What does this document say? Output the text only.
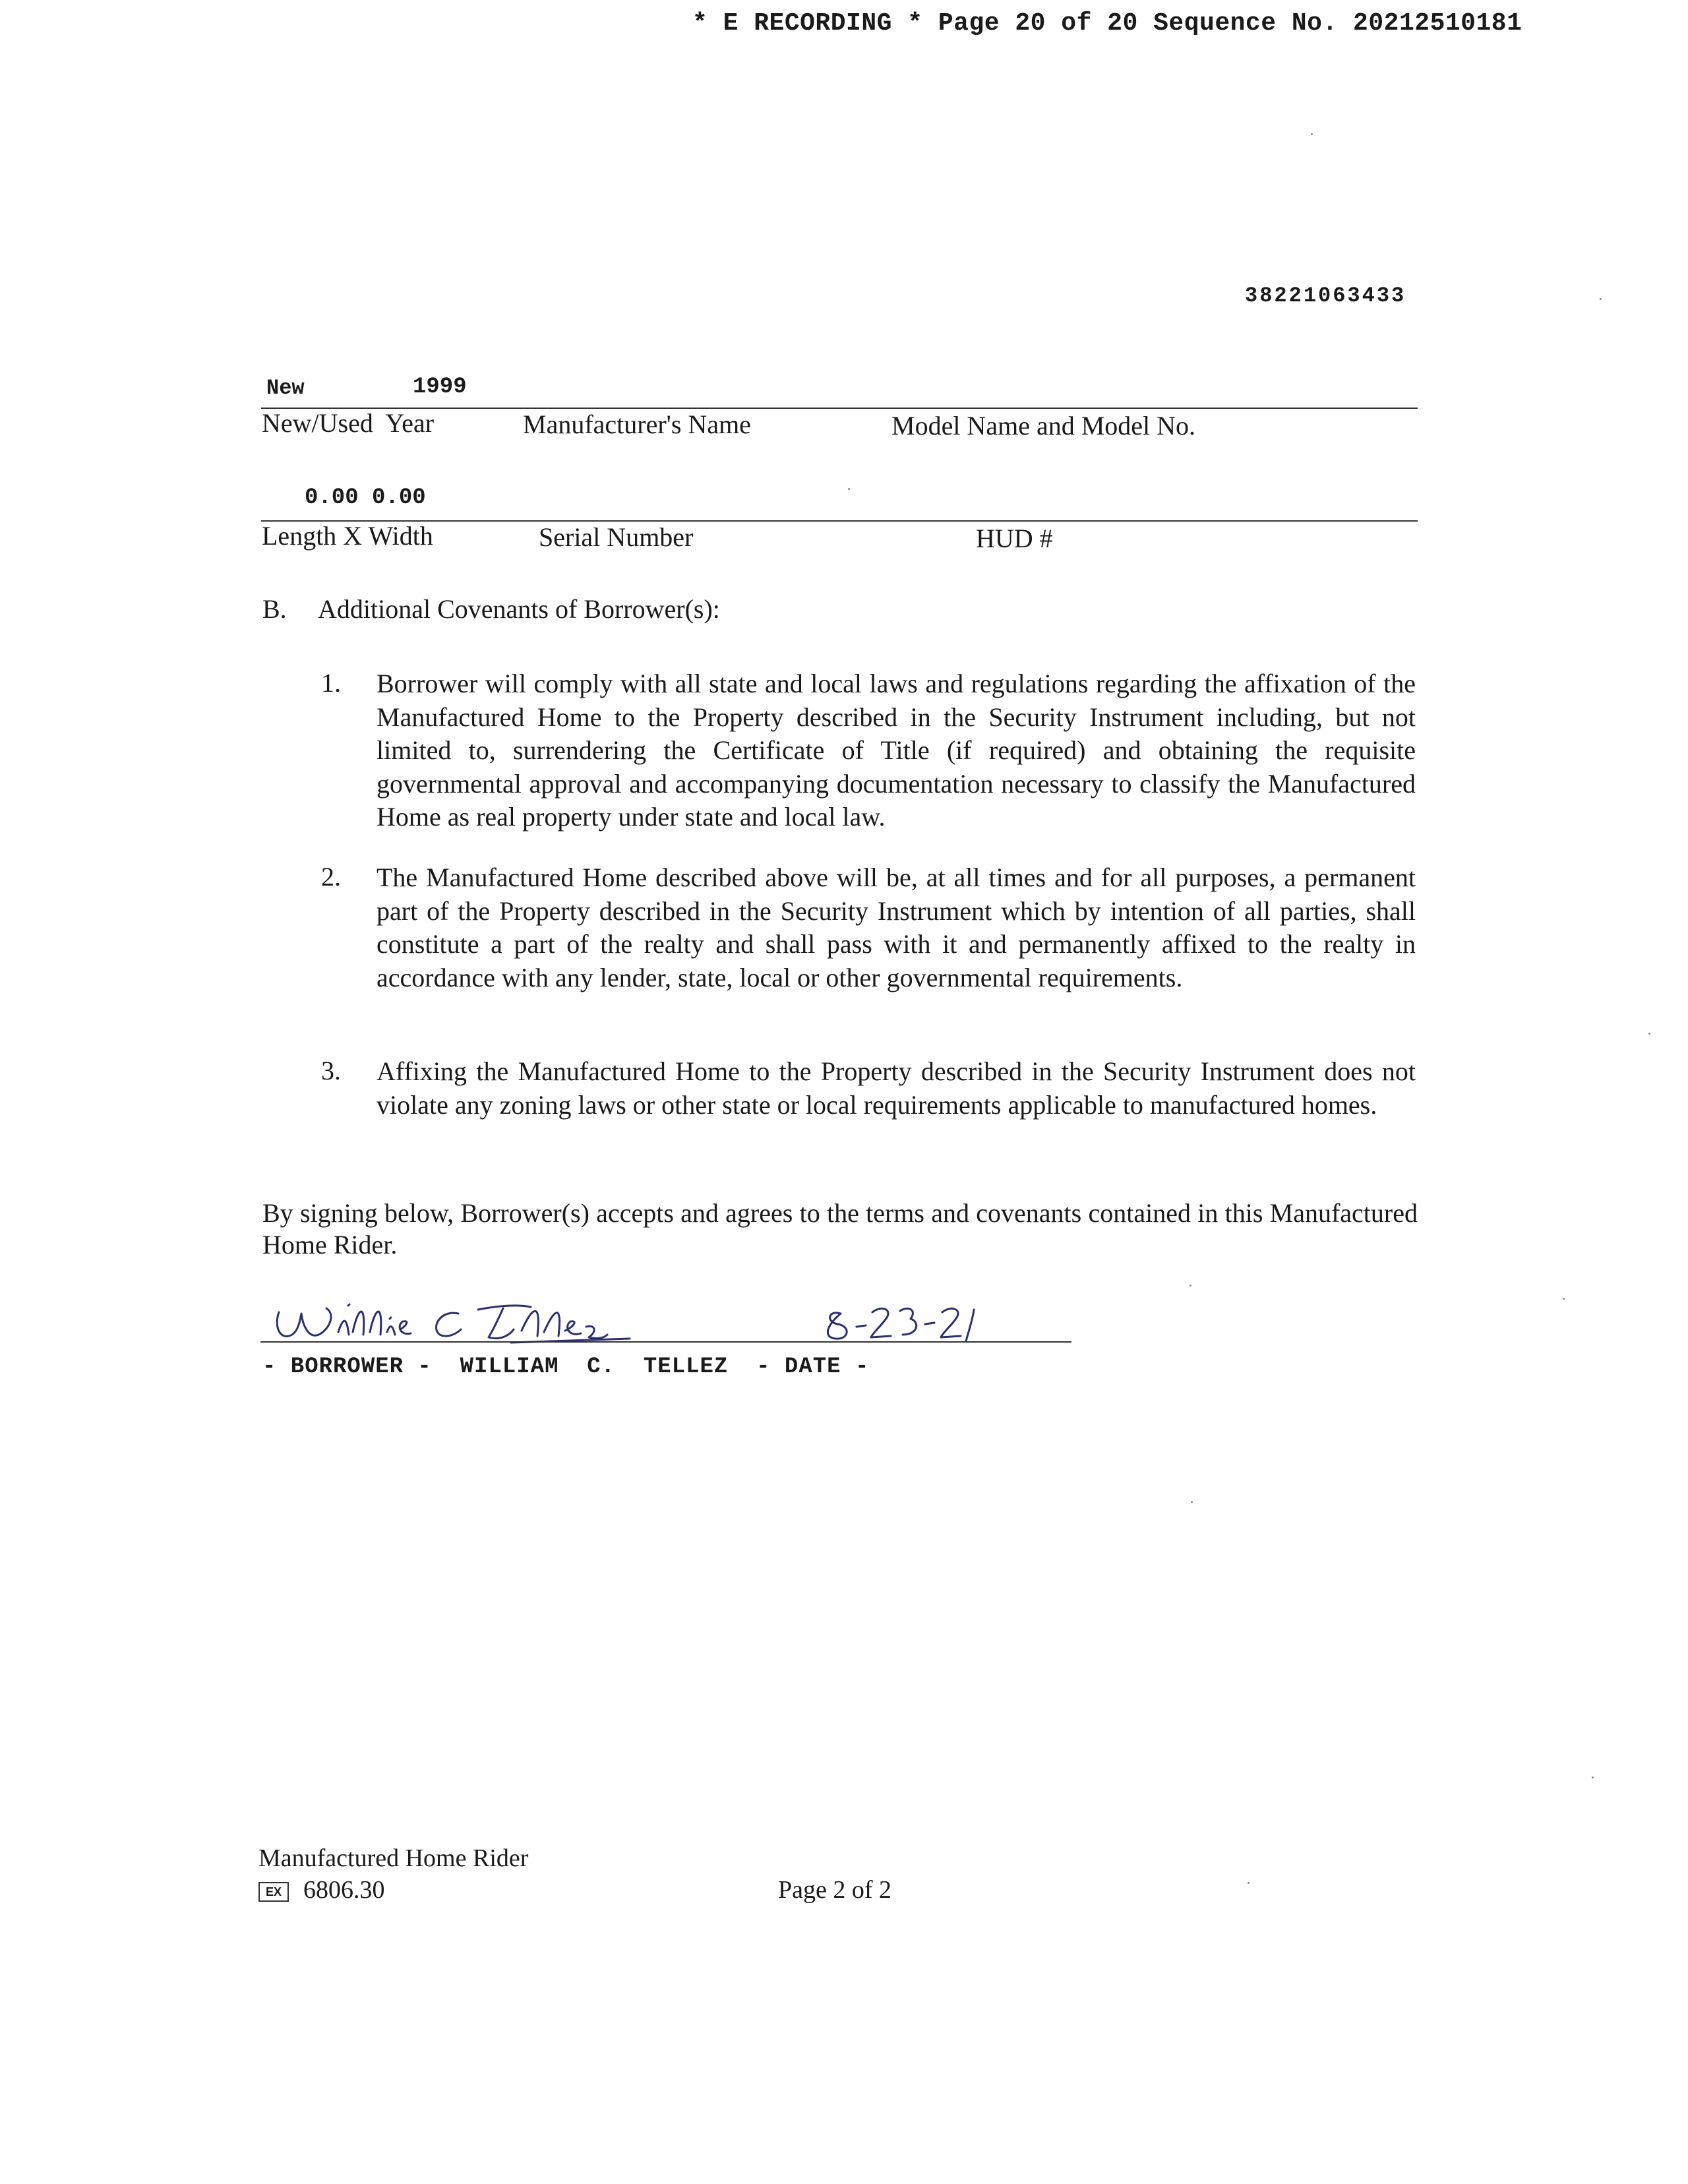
* E RECORDING * Page 20 of 20 Sequence No. 20212510181
38221063433
New	1999
New/Used  Year	Manufacturer's Name	Model Name and Model No.
0.00 0.00
Length X Width	Serial Number	HUD #
B. Additional Covenants of Borrower(s):
1. Borrower will comply with all state and local laws and regulations regarding the affixation of the Manufactured Home to the Property described in the Security Instrument including, but not limited to, surrendering the Certificate of Title (if required) and obtaining the requisite governmental approval and accompanying documentation necessary to classify the Manufactured Home as real property under state and local law.
2. The Manufactured Home described above will be, at all times and for all purposes, a permanent part of the Property described in the Security Instrument which by intention of all parties, shall constitute a part of the realty and shall pass with it and permanently affixed to the realty in accordance with any lender, state, local or other governmental requirements.
3. Affixing the Manufactured Home to the Property described in the Security Instrument does not violate any zoning laws or other state or local requirements applicable to manufactured homes.
By signing below, Borrower(s) accepts and agrees to the terms and covenants contained in this Manufactured Home Rider.
- BORROWER -  WILLIAM  C.  TELLEZ  - DATE -
Manufactured Home Rider
EX 6806.30	Page 2 of 2
